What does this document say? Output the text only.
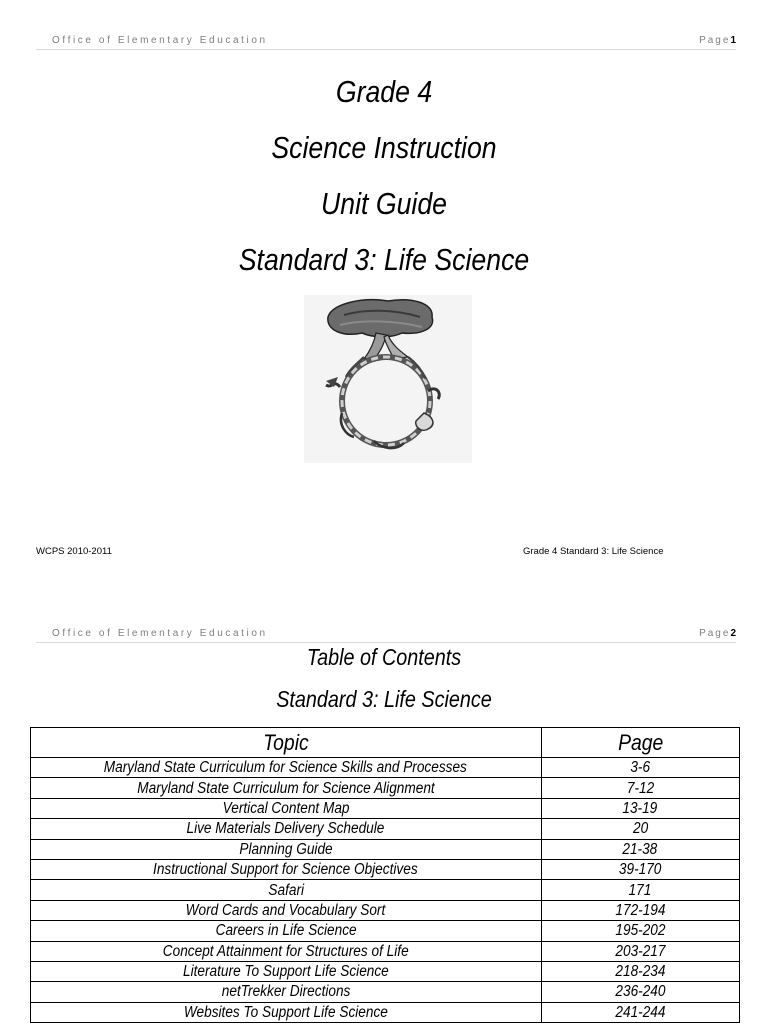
Office of Elementary Education	Page1
Grade 4
Science Instruction
Unit Guide
Standard 3: Life Science
WCPS 2010-2011	Grade 4 Standard 3: Life Science
Office of Elementary Education	Page2
Table of Contents
Standard 3: Life Science
Topic	Page
Maryland State Curriculum for Science Skills and Processes	3-6
Maryland State Curriculum for Science Alignment	7-12
Vertical Content Map	13-19
Live Materials Delivery Schedule	20
Planning Guide	21-38
Instructional Support for Science Objectives	39-170
Safari	171
Word Cards and Vocabulary Sort	172-194
Careers in Life Science	195-202
Concept Attainment for Structures of Life	203-217
Literature To Support Life Science	218-234
netTrekker Directions	236-240
Websites To Support Life Science	241-244
